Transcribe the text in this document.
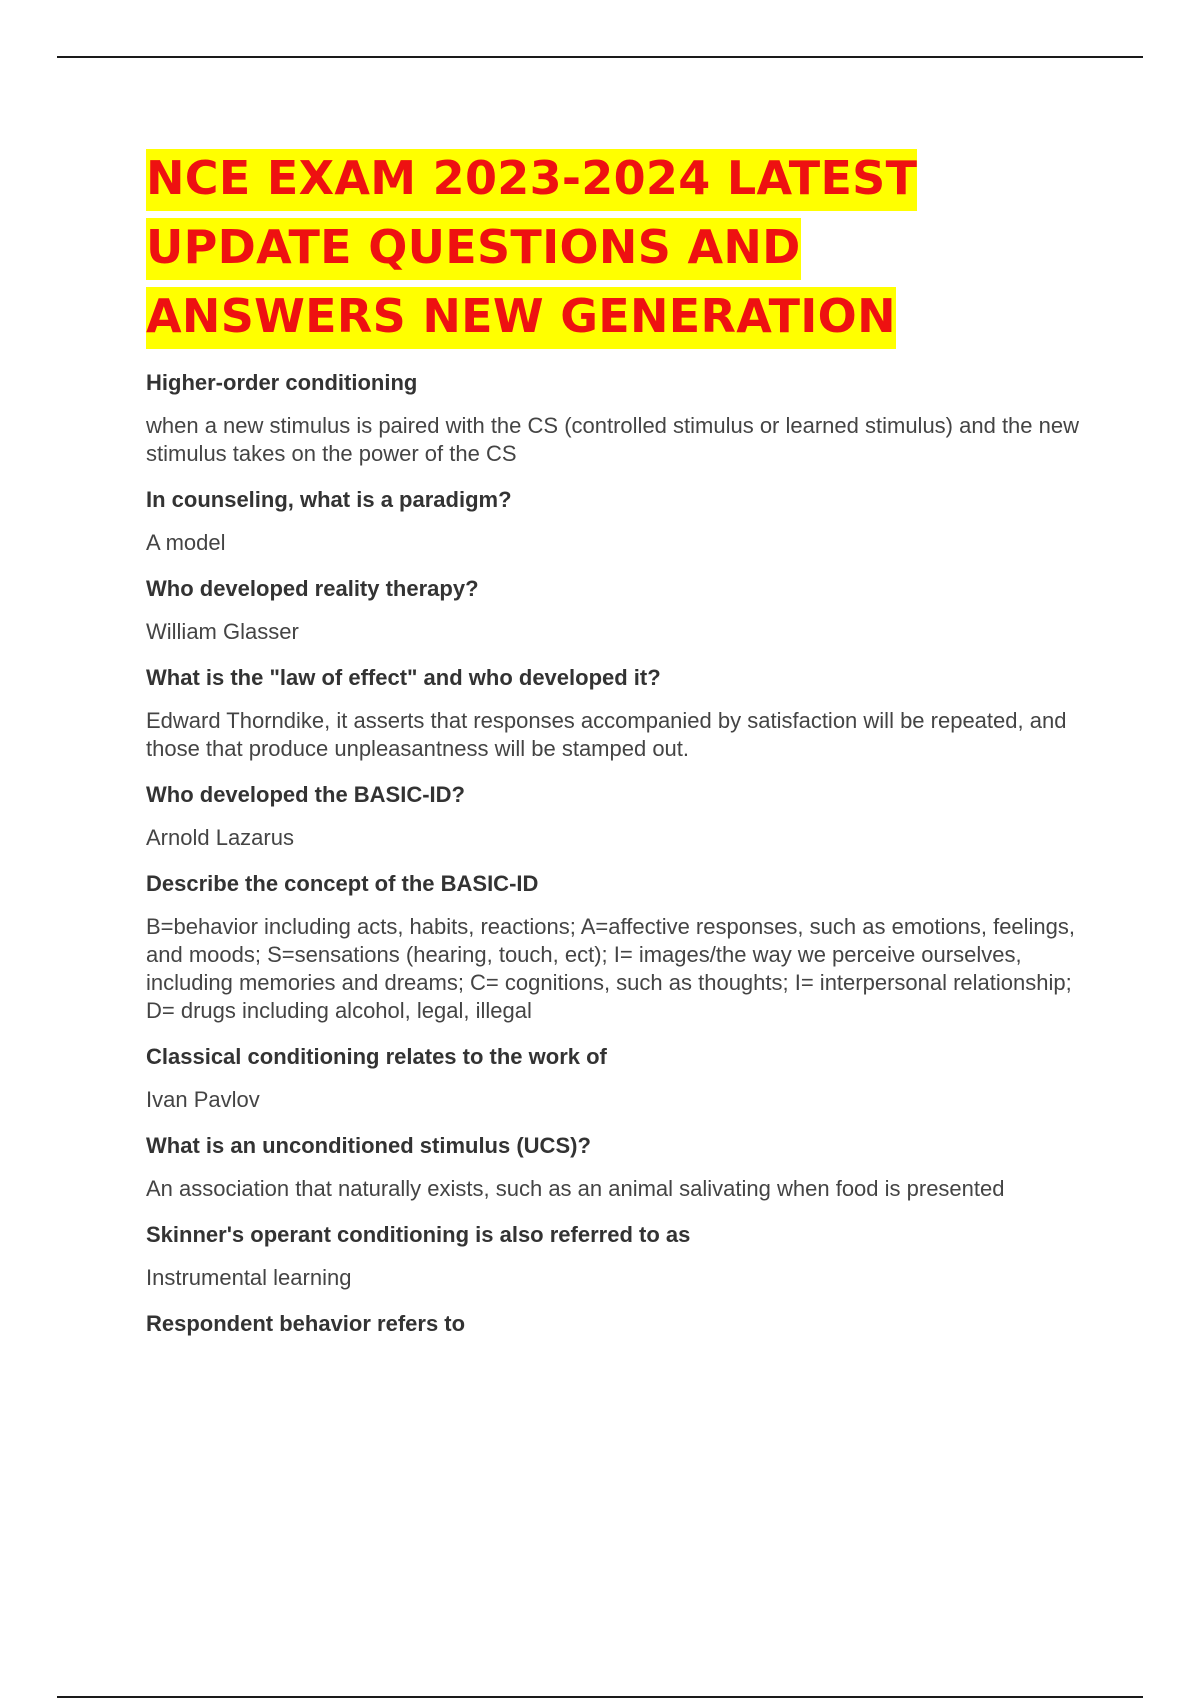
NCE EXAM 2023-2024 LATEST
UPDATE QUESTIONS AND
ANSWERS NEW GENERATION

Higher-order conditioning

when a new stimulus is paired with the CS (controlled stimulus or learned stimulus) and the new stimulus takes on the power of the CS

In counseling, what is a paradigm?

A model

Who developed reality therapy?

William Glasser

What is the "law of effect" and who developed it?

Edward Thorndike, it asserts that responses accompanied by satisfaction will be repeated, and those that produce unpleasantness will be stamped out.

Who developed the BASIC-ID?

Arnold Lazarus

Describe the concept of the BASIC-ID

B=behavior including acts, habits, reactions; A=affective responses, such as emotions, feelings, and moods; S=sensations (hearing, touch, ect); I= images/the way we perceive ourselves, including memories and dreams; C= cognitions, such as thoughts; I= interpersonal relationship; D= drugs including alcohol, legal, illegal

Classical conditioning relates to the work of

Ivan Pavlov

What is an unconditioned stimulus (UCS)?

An association that naturally exists, such as an animal salivating when food is presented

Skinner's operant conditioning is also referred to as

Instrumental learning

Respondent behavior refers to
